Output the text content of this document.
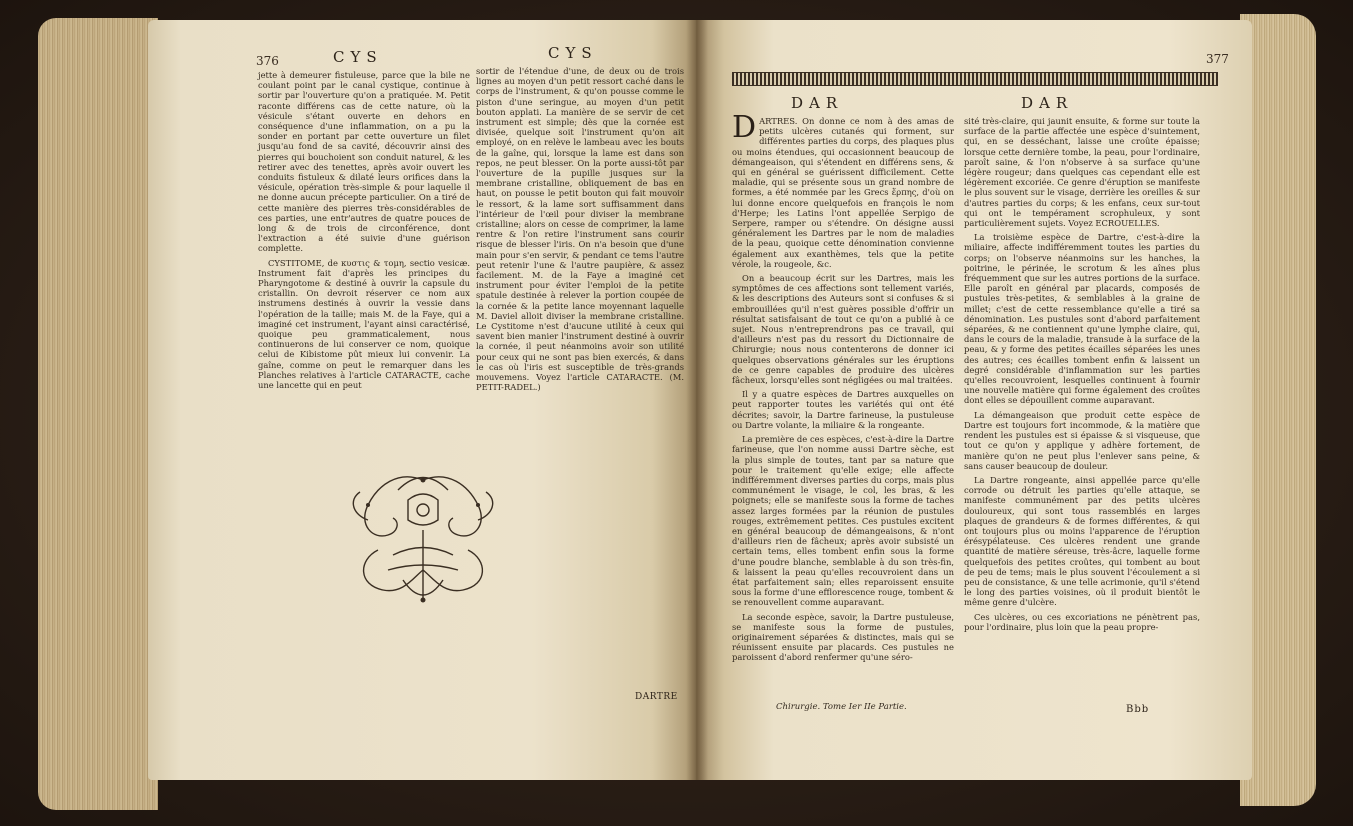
376	CYS	CYS

jette à demeurer fistuleuse, parce que la bile ne coulant point par le canal cystique, continue à sortir par l'ouverture qu'on a pratiquée. M. Petit raconte différens cas de cette nature, où la vésicule s'étant ouverte en dehors en conséquence d'une inflammation, on a pu la sonder en portant par cette ouverture un filet jusqu'au fond de sa cavité, découvrir ainsi des pierres qui bouchoient son conduit naturel, & les retirer avec des tenettes, après avoir ouvert les conduits fistuleux & dilaté leurs orifices dans la vésicule, opération très-simple & pour laquelle il ne donne aucun précepte particulier. On a tiré de cette manière des pierres très-considérables de ces parties, une entr'autres de quatre pouces de long & de trois de circonférence, dont l'extraction a été suivie d'une guérison complette.

CYSTITOME, de κυστις & τομη, sectio vesicæ. Instrument fait d'après les principes du Pharyngotome & destiné à ouvrir la capsule du cristallin. On devroit réserver ce nom aux instrumens destinés à ouvrir la vessie dans l'opération de la taille; mais M. de la Faye, qui a imaginé cet instrument, l'ayant ainsi caractérisé, quoique peu grammaticalement, nous continuerons de lui conserver ce nom, quoique celui de Kibistome pût mieux lui convenir. La gaîne, comme on peut le remarquer dans les Planches relatives à l'article CATARACTE, cache une lancette qui en peut

sortir de l'étendue d'une, de deux ou de trois lignes au moyen d'un petit ressort caché dans le corps de l'instrument, & qu'on pousse comme le piston d'une seringue, au moyen d'un petit bouton applati. La manière de se servir de cet instrument est simple; dès que la cornée est divisée, quelque soit l'instrument qu'on ait employé, on en relève le lambeau avec les bouts de la gaîne, qui, lorsque la lame est dans son repos, ne peut blesser. On la porte aussi-tôt par l'ouverture de la pupille jusques sur la membrane cristalline, obliquement de bas en haut, on pousse le petit bouton qui fait mouvoir le ressort, & la lame sort suffisamment dans l'intérieur de l'œil pour diviser la membrane cristalline; alors on cesse de comprimer, la lame rentre & l'on retire l'instrument sans courir risque de blesser l'iris. On n'a besoin que d'une main pour s'en servir, & pendant ce tems l'autre peut retenir l'une & l'autre paupière, & assez facilement. M. de la Faye a imaginé cet instrument pour éviter l'emploi de la petite spatule destinée à relever la portion coupée de la cornée & la petite lance moyennant laquelle M. Daviel alloit diviser la membrane cristalline. Le Cystitome n'est d'aucune utilité à ceux qui savent bien manier l'instrument destiné à ouvrir la cornée, il peut néanmoins avoir son utilité pour ceux qui ne sont pas bien exercés, & dans le cas où l'iris est susceptible de très-grands mouvemens. Voyez l'article CATARACTE. (M. PETIT-RADEL.)

DARTRE
377
DAR	DAR

DARTRES. On donne ce nom à des amas de petits ulcères cutanés qui forment, sur différentes parties du corps, des plaques plus ou moins étendues, qui occasionnent beaucoup de démangeaison, qui s'étendent en différens sens, & qui en général se guérissent difficilement. Cette maladie, qui se présente sous un grand nombre de formes, a été nommée par les Grecs ἕρπης, d'où on lui donne encore quelquefois en françois le nom d'Herpe; les Latins l'ont appellée Serpigo de Serpere, ramper ou s'étendre. On désigne aussi généralement les Dartres par le nom de maladies de la peau, quoique cette dénomination convienne également aux exanthèmes, tels que la petite vérole, la rougeole, &c.

On a beaucoup écrit sur les Dartres, mais les symptômes de ces affections sont tellement variés, & les descriptions des Auteurs sont si confuses & si embrouillées qu'il n'est guères possible d'offrir un résultat satisfaisant de tout ce qu'on a publié à ce sujet. Nous n'entreprendrons pas ce travail, qui d'ailleurs n'est pas du ressort du Dictionnaire de Chirurgie; nous nous contenterons de donner ici quelques observations générales sur les éruptions de ce genre capables de produire des ulcères fâcheux, lorsqu'elles sont négligées ou mal traitées.

Il y a quatre espèces de Dartres auxquelles on peut rapporter toutes les variétés qui ont été décrites; savoir, la Dartre farineuse, la pustuleuse ou Dartre volante, la miliaire & la rongeante.

La première de ces espèces, c'est-à-dire la Dartre farineuse, que l'on nomme aussi Dartre sèche, est la plus simple de toutes, tant par sa nature que pour le traitement qu'elle exige; elle affecte indifféremment diverses parties du corps, mais plus communément le visage, le col, les bras, & les poignets; elle se manifeste sous la forme de taches assez larges formées par la réunion de pustules rouges, extrêmement petites. Ces pustules excitent en général beaucoup de démangeaisons, & n'ont d'ailleurs rien de fâcheux; après avoir subsisté un certain tems, elles tombent enfin sous la forme d'une poudre blanche, semblable à du son très-fin, & laissent la peau qu'elles recouvroient dans un état parfaitement sain; elles reparoissent ensuite sous la forme d'une efflorescence rouge, tombent & se renouvellent comme auparavant.

La seconde espèce, savoir, la Dartre pustuleuse, se manifeste sous la forme de pustules, originairement séparées & distinctes, mais qui se réunissent ensuite par placards. Ces pustules ne paroissent d'abord renfermer qu'une séro-

sité très-claire, qui jaunit ensuite, & forme sur toute la surface de la partie affectée une espèce d'suintement, qui, en se desséchant, laisse une croûte épaisse; lorsque cette dernière tombe, la peau, pour l'ordinaire, paroît saine, & l'on n'observe à sa surface qu'une légère rougeur; dans quelques cas cependant elle est légèrement excoriée. Ce genre d'éruption se manifeste le plus souvent sur le visage, derrière les oreilles & sur d'autres parties du corps; & les enfans, ceux sur-tout qui ont le tempérament scrophuleux, y sont particulièrement sujets. Voyez ECROUELLES.

La troisième espèce de Dartre, c'est-à-dire la miliaire, affecte indifféremment toutes les parties du corps; on l'observe néanmoins sur les hanches, la poitrine, le périnée, le scrotum & les aînes plus fréquemment que sur les autres portions de la surface. Elle paroît en général par placards, composés de pustules très-petites, & semblables à la graine de millet; c'est de cette ressemblance qu'elle a tiré sa dénomination. Les pustules sont d'abord parfaitement séparées, & ne contiennent qu'une lymphe claire, qui, dans le cours de la maladie, transude à la surface de la peau, & y forme des petites écailles séparées les unes des autres; ces écailles tombent enfin & laissent un degré considérable d'inflammation sur les parties qu'elles recouvroient, lesquelles continuent à fournir une nouvelle matière qui forme également des croûtes dont elles se dépouillent comme auparavant.

La démangeaison que produit cette espèce de Dartre est toujours fort incommode, & la matière que rendent les pustules est si épaisse & si visqueuse, que tout ce qu'on y applique y adhère fortement, de manière qu'on ne peut plus l'enlever sans peine, & sans causer beaucoup de douleur.

La Dartre rongeante, ainsi appellée parce qu'elle corrode ou détruit les parties qu'elle attaque, se manifeste communément par des petits ulcères douloureux, qui sont tous rassemblés en larges plaques de grandeurs & de formes différentes, & qui ont toujours plus ou moins l'apparence de l'éruption érésypélateuse. Ces ulcères rendent une grande quantité de matière séreuse, très-âcre, laquelle forme quelquefois des petites croûtes, qui tombent au bout de peu de tems; mais le plus souvent l'écoulement a si peu de consistance, & une telle acrimonie, qu'il s'étend le long des parties voisines, où il produit bientôt le même genre d'ulcère.

Ces ulcères, ou ces excoriations ne pénètrent pas, pour l'ordinaire, plus loin que la peau propre-

Chirurgie. Tome Ier IIe Partie.	Bbb
